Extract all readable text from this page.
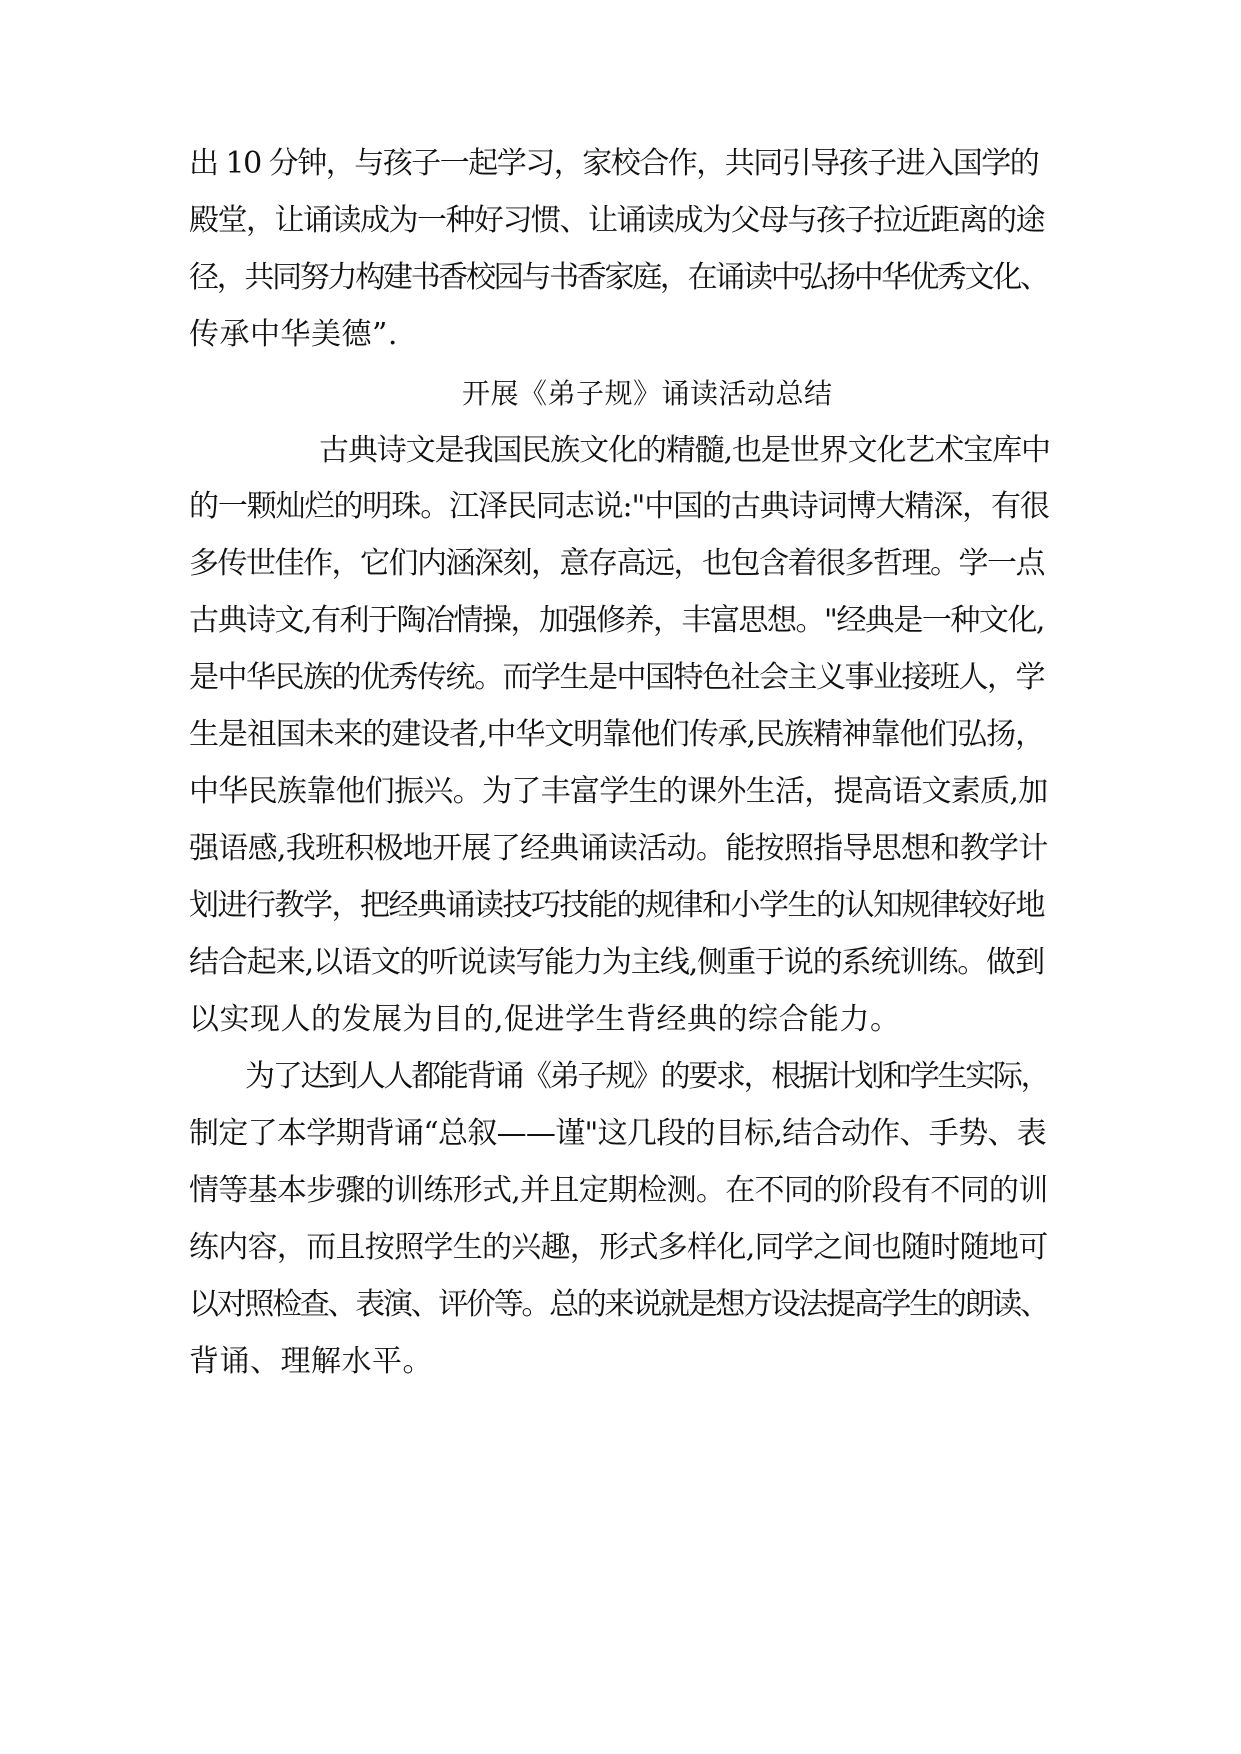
出 10 分钟，与孩子一起学习，家校合作，共同引导孩子进入国学的
殿堂，让诵读成为一种好习惯、让诵读成为父母与孩子拉近距离的途
径，共同努力构建书香校园与书香家庭，在诵读中弘扬中华优秀文化、
传承中华美德”.
开展《弟子规》诵读活动总结
古典诗文是我国民族文化的精髓,也是世界文化艺术宝库中
的一颗灿烂的明珠。江泽民同志说:"中国的古典诗词博大精深，有很
多传世佳作，它们内涵深刻，意存高远，也包含着很多哲理。学一点
古典诗文,有利于陶冶情操，加强修养，丰富思想。"经典是一种文化,
是中华民族的优秀传统。而学生是中国特色社会主义事业接班人，学
生是祖国未来的建设者,中华文明靠他们传承,民族精神靠他们弘扬，
中华民族靠他们振兴。为了丰富学生的课外生活，提高语文素质,加
强语感,我班积极地开展了经典诵读活动。能按照指导思想和教学计
划进行教学，把经典诵读技巧技能的规律和小学生的认知规律较好地
结合起来,以语文的听说读写能力为主线,侧重于说的系统训练。做到
以实现人的发展为目的,促进学生背经典的综合能力。
为了达到人人都能背诵《弟子规》的要求，根据计划和学生实际，
制定了本学期背诵“总叙——谨"这几段的目标,结合动作、手势、表
情等基本步骤的训练形式,并且定期检测。在不同的阶段有不同的训
练内容，而且按照学生的兴趣，形式多样化,同学之间也随时随地可
以对照检查、表演、评价等。总的来说就是想方设法提高学生的朗读、
背诵、理解水平。
